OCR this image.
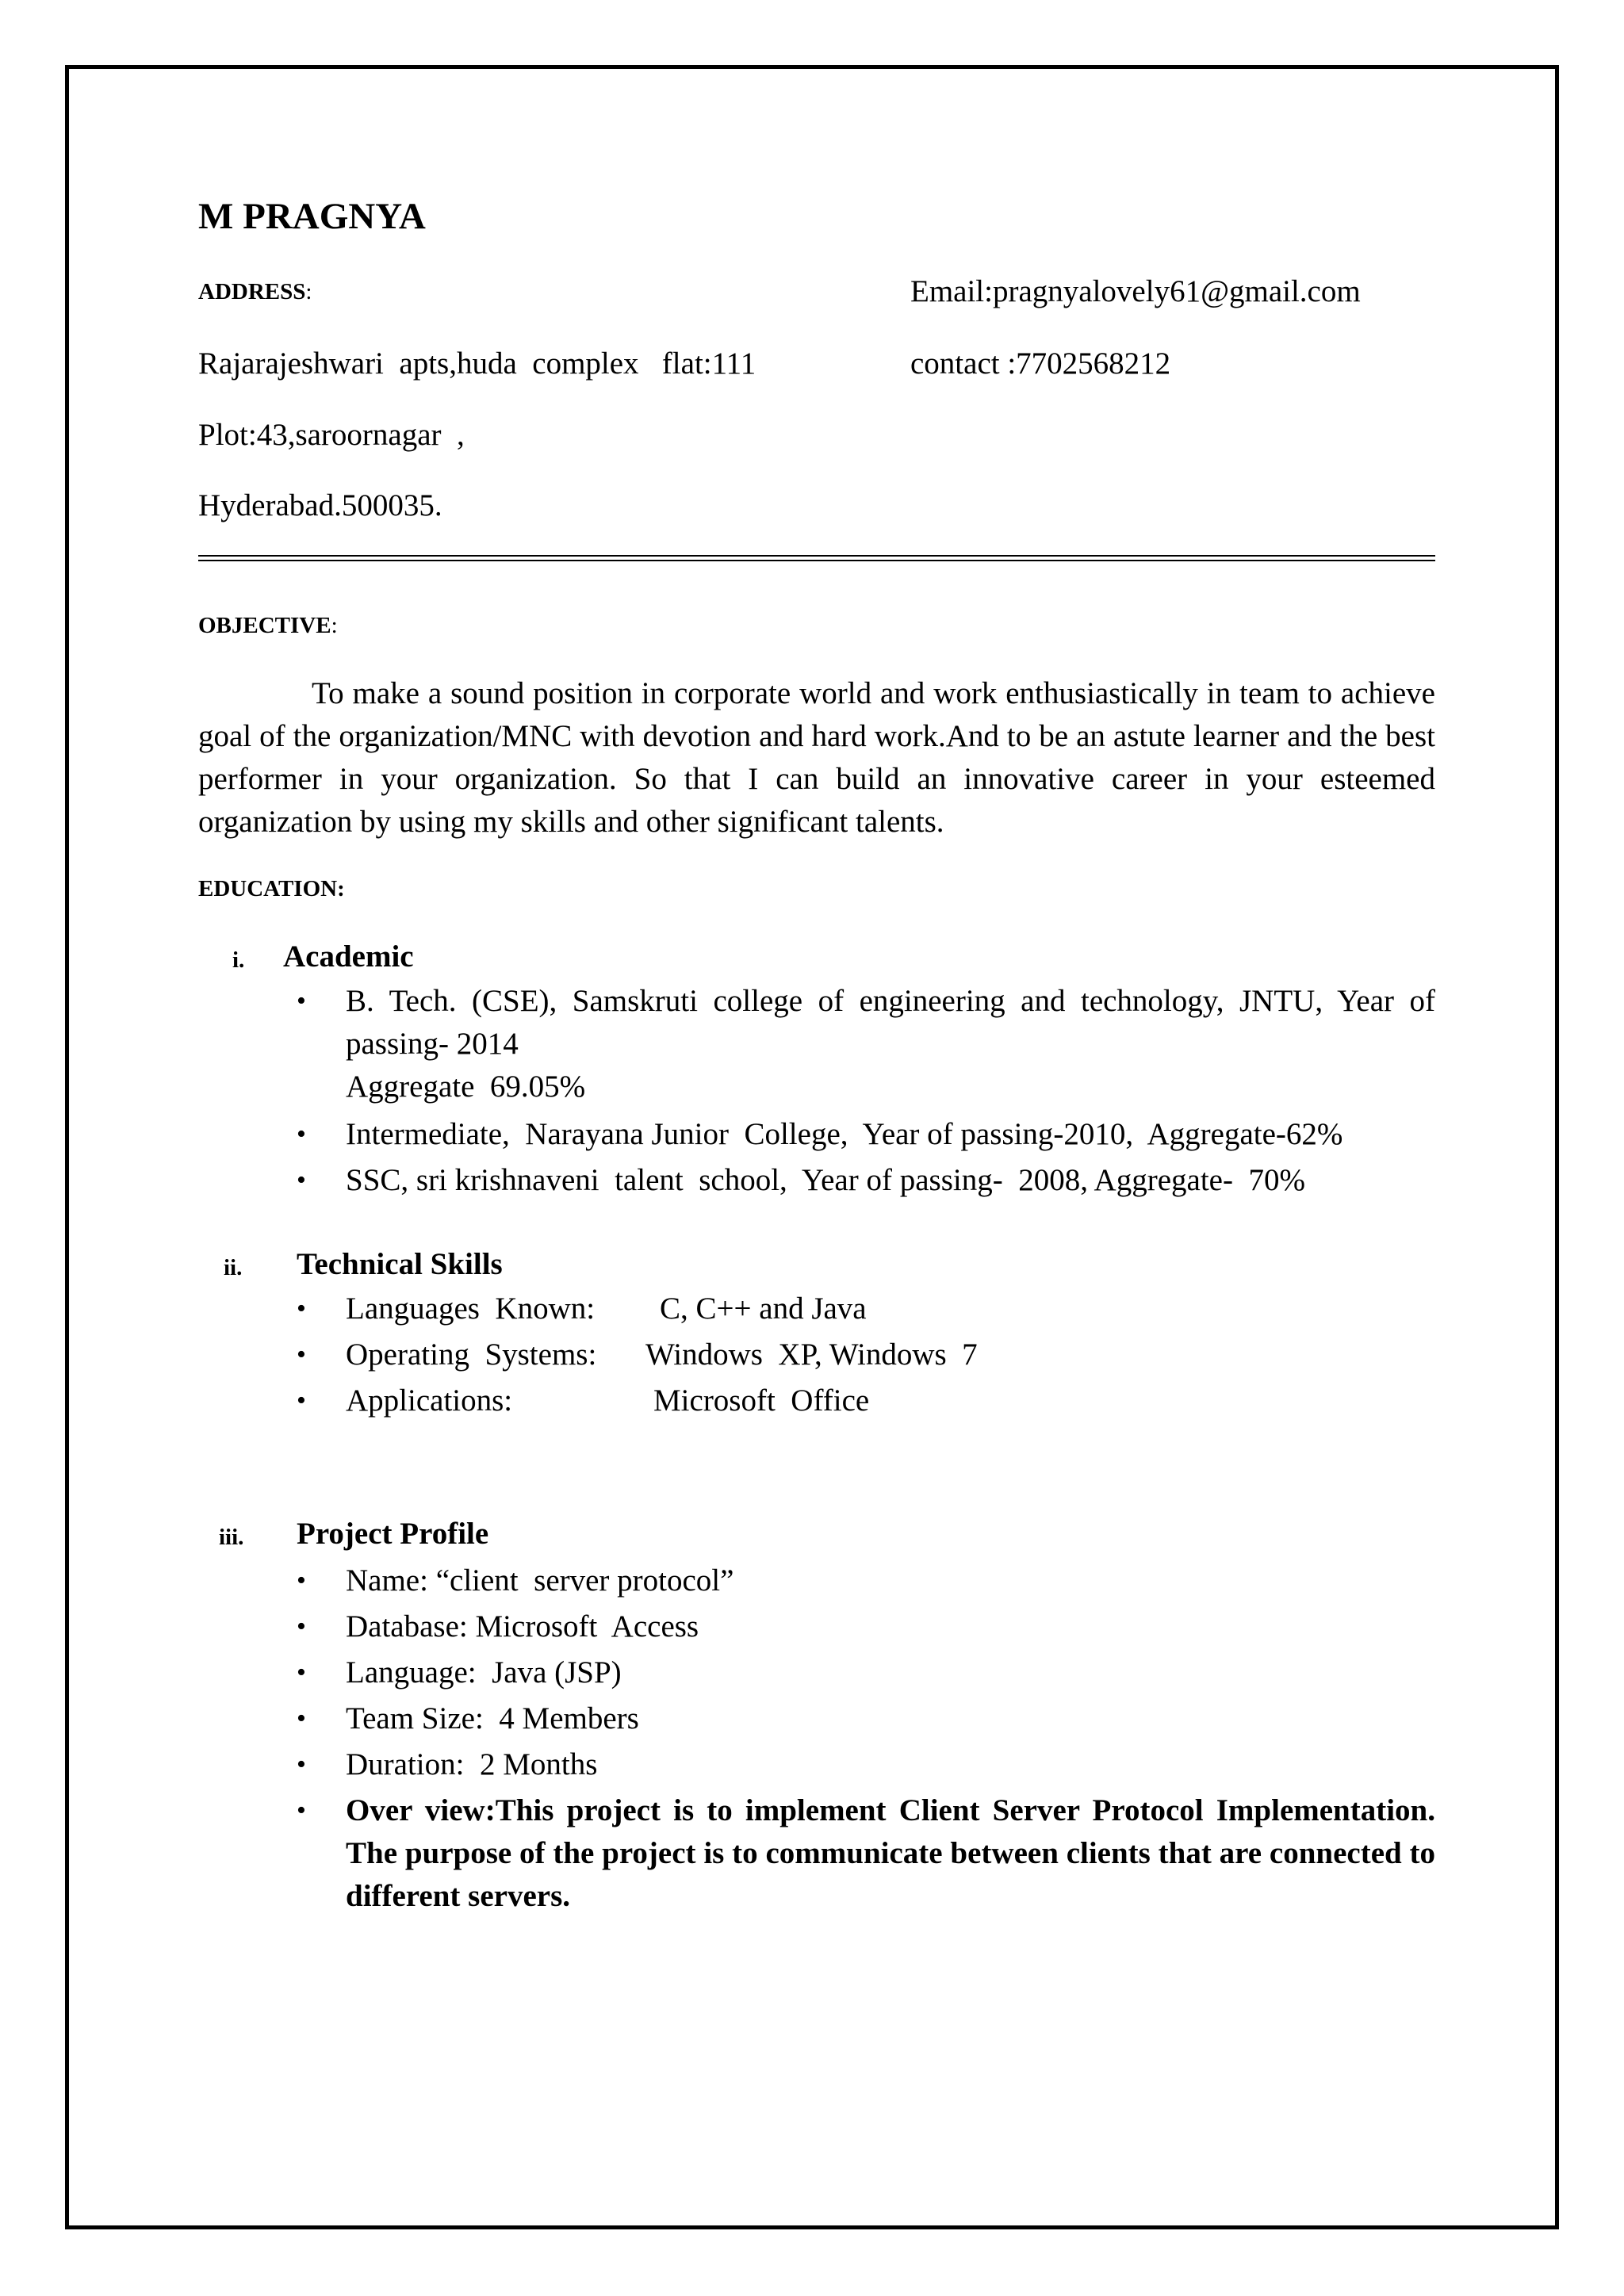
M PRAGNYA
ADDRESS:	Email:pragnyalovely61@gmail.com
Rajarajeshwari  apts,huda  complex   flat:111	contact :7702568212
Plot:43,saroornagar  ,
Hyderabad.500035.
OBJECTIVE:
To make a sound position in corporate world and work enthusiastically in team to achieve goal of the organization/MNC with devotion and hard work.And to be an astute learner and the best performer in your organization. So that I can build an innovative career in your esteemed organization by using my skills and other significant talents.
EDUCATION:
i. Academic
•	B. Tech. (CSE), Samskruti college of engineering and technology, JNTU, Year of passing- 2014
Aggregate  69.05%
•	Intermediate,  Narayana Junior  College,  Year of passing-2010,  Aggregate-62%
•	SSC, sri krishnaveni  talent  school,  Year of passing-  2008, Aggregate-  70%
ii. Technical Skills
•	Languages  Known: C, C++ and Java
•	Operating  Systems: Windows  XP, Windows  7
•	Applications:	Microsoft  Office
iii. Project Profile
•	Name: “client  server protocol”
•	Database: Microsoft  Access
•	Language:  Java (JSP)
•	Team Size:  4 Members
•	Duration:  2 Months
•	Over view:This project is to implement Client Server Protocol Implementation. The purpose of the project is to communicate between clients that are connected to different servers.
